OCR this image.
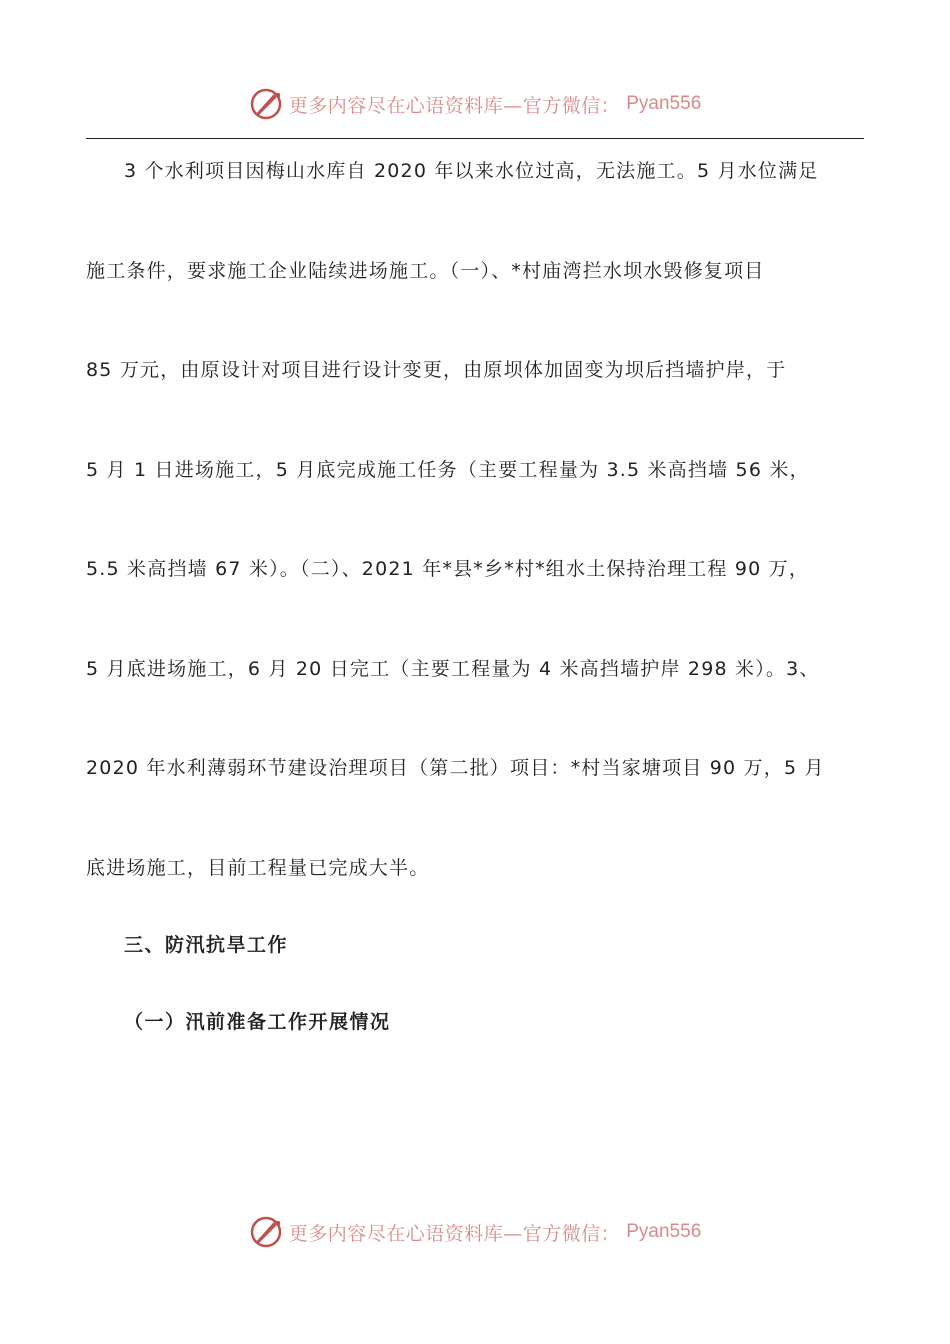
更多内容尽在心语资料库—官方微信： Pyan556
3 个水利项目因梅山水库自 2020 年以来水位过高，无法施工。5 月水位满足
施工条件，要求施工企业陆续进场施工。（一）、*村庙湾拦水坝水毁修复项目
85 万元，由原设计对项目进行设计变更，由原坝体加固变为坝后挡墙护岸，于
5 月 1 日进场施工，5 月底完成施工任务（主要工程量为 3.5 米高挡墙 56 米，
5.5 米高挡墙 67 米）。（二）、2021 年*县*乡*村*组水土保持治理工程 90 万，
5 月底进场施工，6 月 20 日完工（主要工程量为 4 米高挡墙护岸 298 米）。3、
2020 年水利薄弱环节建设治理项目（第二批）项目：*村当家塘项目 90 万，5 月
底进场施工，目前工程量已完成大半。
三、防汛抗旱工作
（一）汛前准备工作开展情况
更多内容尽在心语资料库—官方微信： Pyan556
